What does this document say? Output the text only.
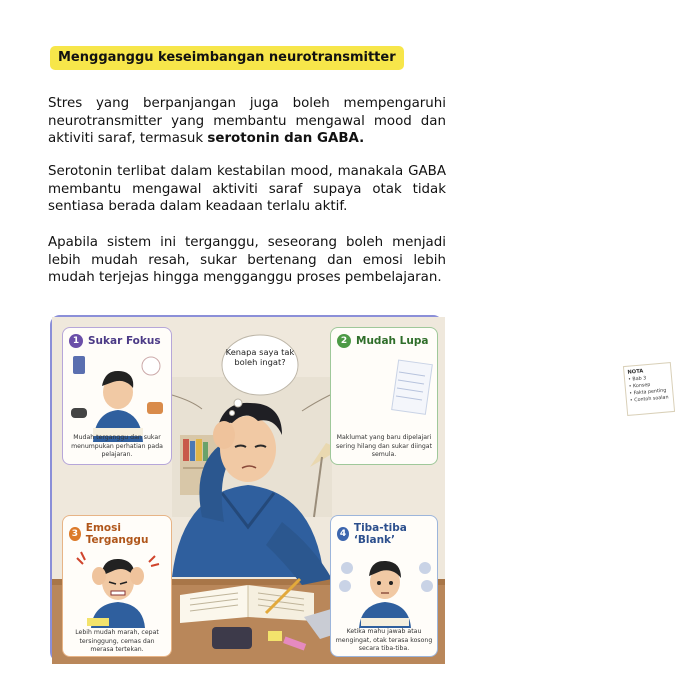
Mengganggu keseimbangan neurotransmitter

Stres yang berpanjangan juga boleh mempengaruhi neurotransmitter yang membantu mengawal mood dan aktiviti saraf, termasuk serotonin dan GABA.

Serotonin terlibat dalam kestabilan mood, manakala GABA membantu mengawal aktiviti saraf supaya otak tidak sentiasa berada dalam keadaan terlalu aktif.

Apabila sistem ini terganggu, seseorang boleh menjadi lebih mudah resah, sukar bertenang dan emosi lebih mudah terjejas hingga mengganggu proses pembelajaran.

Kenapa saya tak boleh ingat?
1 Sukar Fokus
Mudah terganggu dan sukar menumpukan perhatian pada pelajaran.
2 Mudah Lupa
NOTA
• Bab 3
• Konsep
• Fakta penting
• Contoh soalan
Maklumat yang baru dipelajari sering hilang dan sukar diingat semula.
3 Emosi Terganggu
Lebih mudah marah, cepat tersinggung, cemas dan merasa tertekan.
4 Tiba-tiba ‘Blank’
Ketika mahu jawab atau mengingat, otak terasa kosong secara tiba-tiba.
